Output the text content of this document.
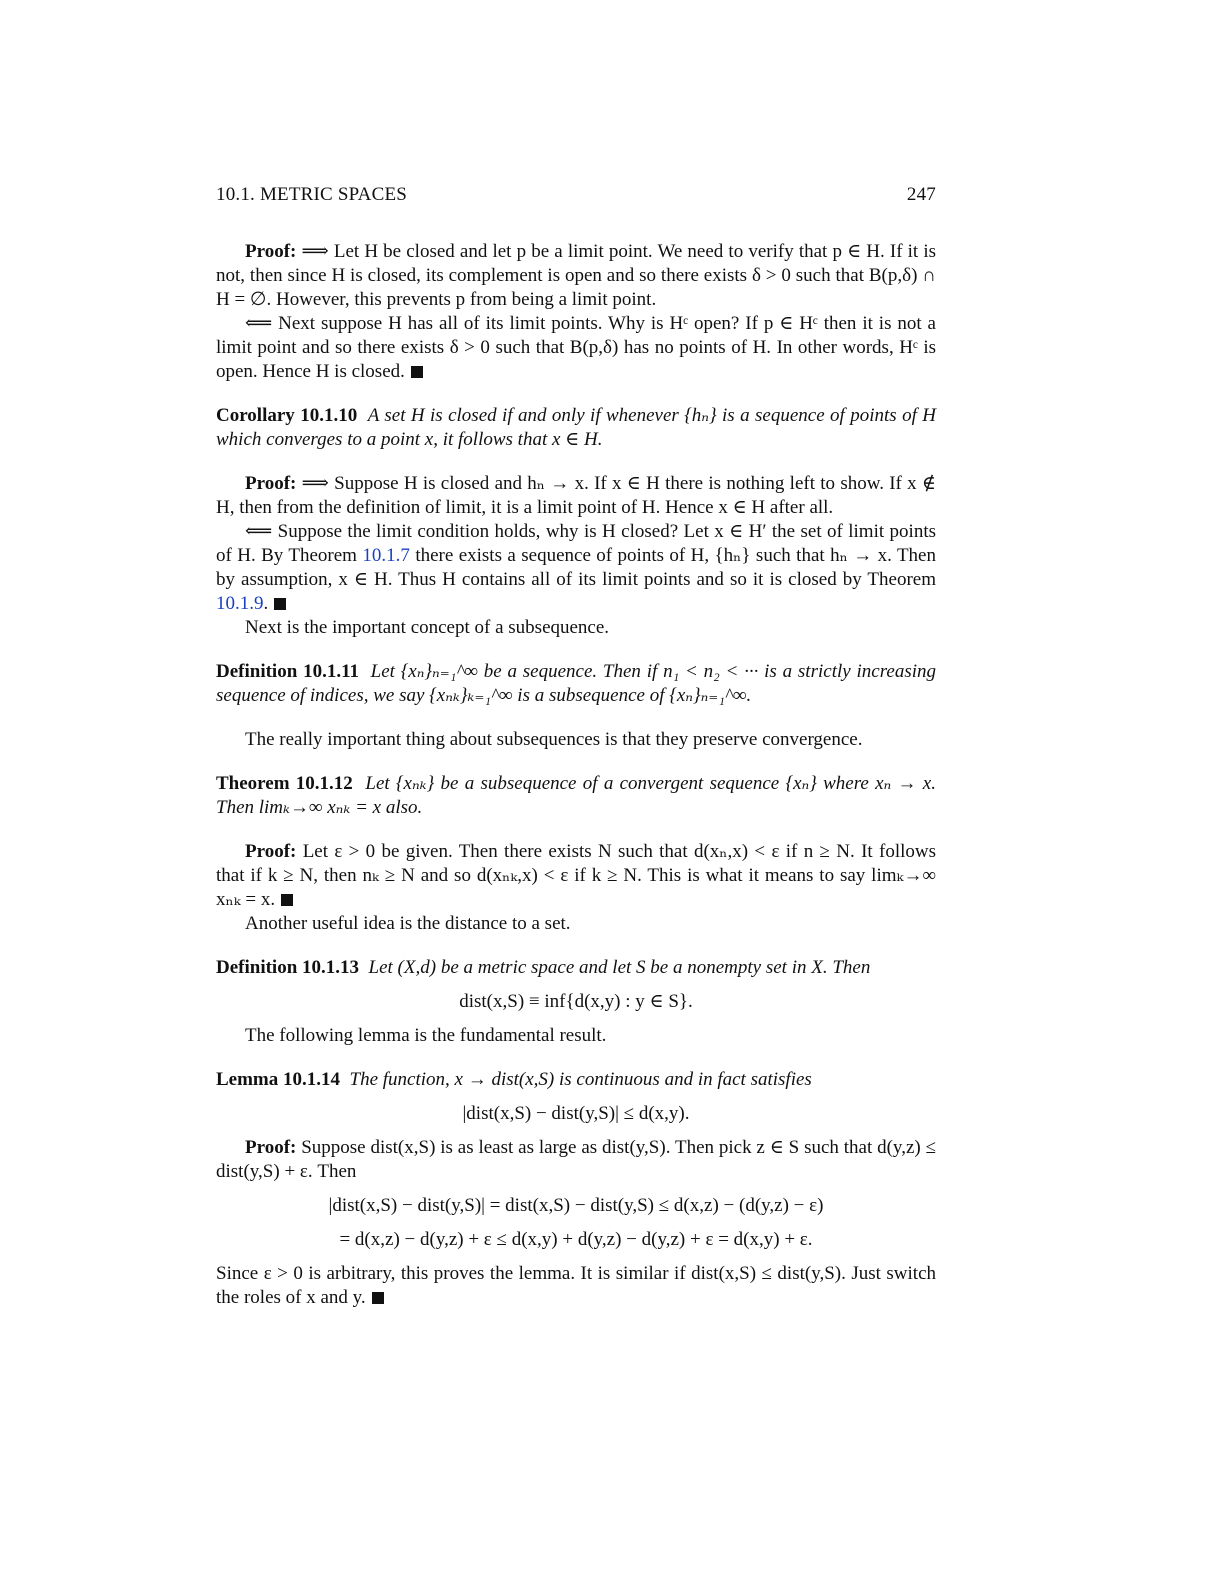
10.1. METRIC SPACES	247

Proof: ⟹ Let H be closed and let p be a limit point. We need to verify that p ∈ H. If it is not, then since H is closed, its complement is open and so there exists δ > 0 such that B(p,δ) ∩ H = ∅. However, this prevents p from being a limit point.

⟸ Next suppose H has all of its limit points. Why is Hᶜ open? If p ∈ Hᶜ then it is not a limit point and so there exists δ > 0 such that B(p,δ) has no points of H. In other words, Hᶜ is open. Hence H is closed.

Corollary 10.1.10 A set H is closed if and only if whenever {hₙ} is a sequence of points of H which converges to a point x, it follows that x ∈ H.

Proof: ⟹ Suppose H is closed and hₙ → x. If x ∈ H there is nothing left to show. If x ∉ H, then from the definition of limit, it is a limit point of H. Hence x ∈ H after all.

⟸ Suppose the limit condition holds, why is H closed? Let x ∈ H′ the set of limit points of H. By Theorem 10.1.7 there exists a sequence of points of H, {hₙ} such that hₙ → x. Then by assumption, x ∈ H. Thus H contains all of its limit points and so it is closed by Theorem 10.1.9.

Next is the important concept of a subsequence.

Definition 10.1.11 Let {xₙ}ₙ₌₁^∞ be a sequence. Then if n₁ < n₂ < ··· is a strictly increasing sequence of indices, we say {xₙₖ}ₖ₌₁^∞ is a subsequence of {xₙ}ₙ₌₁^∞.

The really important thing about subsequences is that they preserve convergence.

Theorem 10.1.12 Let {xₙₖ} be a subsequence of a convergent sequence {xₙ} where xₙ → x. Then limₖ→∞ xₙₖ = x also.

Proof: Let ε > 0 be given. Then there exists N such that d(xₙ,x) < ε if n ≥ N. It follows that if k ≥ N, then nₖ ≥ N and so d(xₙₖ,x) < ε if k ≥ N. This is what it means to say limₖ→∞ xₙₖ = x.

Another useful idea is the distance to a set.

Definition 10.1.13 Let (X,d) be a metric space and let S be a nonempty set in X. Then

dist(x,S) ≡ inf{d(x,y) : y ∈ S}.

The following lemma is the fundamental result.

Lemma 10.1.14 The function, x → dist(x,S) is continuous and in fact satisfies

|dist(x,S) − dist(y,S)| ≤ d(x,y).

Proof: Suppose dist(x,S) is as least as large as dist(y,S). Then pick z ∈ S such that d(y,z) ≤ dist(y,S) + ε. Then

|dist(x,S) − dist(y,S)| = dist(x,S) − dist(y,S) ≤ d(x,z) − (d(y,z) − ε)

= d(x,z) − d(y,z) + ε ≤ d(x,y) + d(y,z) − d(y,z) + ε = d(x,y) + ε.

Since ε > 0 is arbitrary, this proves the lemma. It is similar if dist(x,S) ≤ dist(y,S). Just switch the roles of x and y.
